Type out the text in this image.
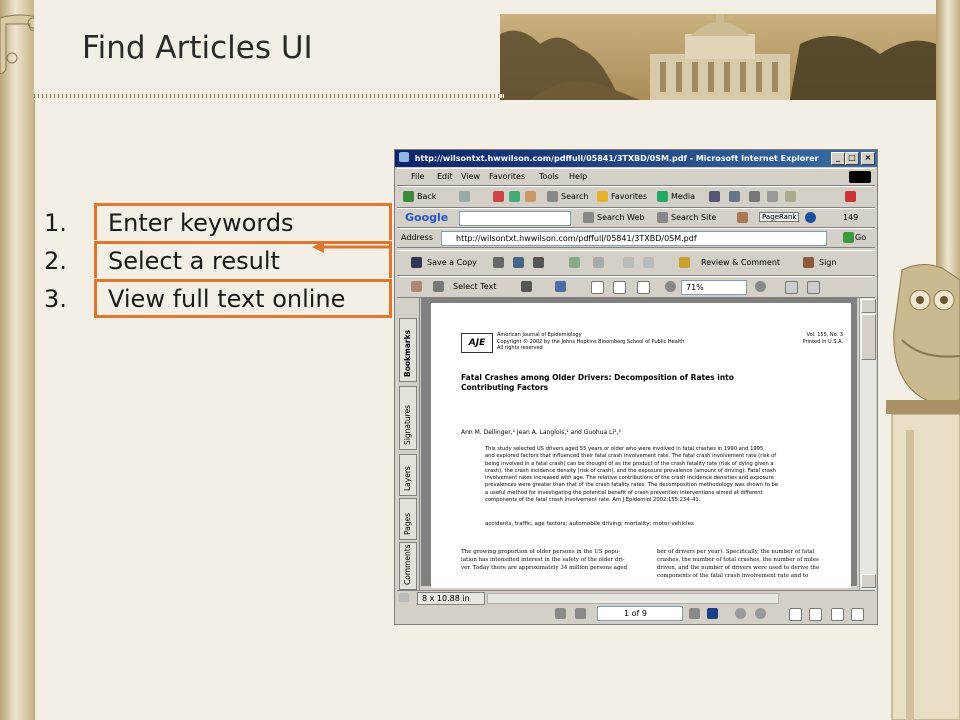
Find Articles UI
1. Enter keywords
2. Select a result
3. View full text online
http://wilsontxt.hwwilson.com/pdffull/05841/3TXBD/0SM.pdf - Microsoft Internet Explorer	_	□	×
File Edit View Favorites Tools Help
Back	Search	Favorites	Media
Google	Search Web	Search Site	PageRank	149
Address	http://wilsontxt.hwwilson.com/pdffull/05841/3TXBD/0SM.pdf	Go
Save a Copy	Review & Comment	Sign
Select Text	71%
Bookmarks
Signatures
Layers
Pages
Comments
AJE
American Journal of Epidemiology
Copyright © 2002 by the Johns Hopkins Bloomberg School of Public Health
All rights reserved
Vol. 155, No. 3
Printed in U.S.A.
Fatal Crashes among Older Drivers: Decomposition of Rates into Contributing Factors
Ann M. Dellinger,¹ Jean A. Langlois,¹ and Guohua Li²,³
This study selected US drivers aged 55 years or older who were involved in fatal crashes in 1990 and 1995
and explored factors that influenced their fatal crash involvement rate. The fatal crash involvement rate (risk of
being involved in a fatal crash) can be thought of as the product of the crash fatality rate (risk of dying given a
crash), the crash incidence density (risk of crash), and the exposure prevalence (amount of driving). Fatal crash
involvement rates increased with age. The relative contributions of the crash incidence densities and exposure
prevalences were greater than that of the crash fatality rates. The decomposition methodology was shown to be
a useful method for investigating the potential benefit of crash prevention interventions aimed at different
components of the fatal crash involvement rate. Am J Epidemiol 2002;155:234–41.
accidents, traffic; age factors; automobile driving; mortality; motor vehicles
The growing proportion of older persons in the US popu-
lation has intensified interest in the safety of the older dri-
ver. Today there are approximately 34 million persons aged
ber of drivers per year). Specifically, the number of fatal
crashes, the number of total crashes, the number of miles
driven, and the number of drivers were used to derive the
components of the fatal crash involvement rate and to
8 x 10.88 in
1 of 9
